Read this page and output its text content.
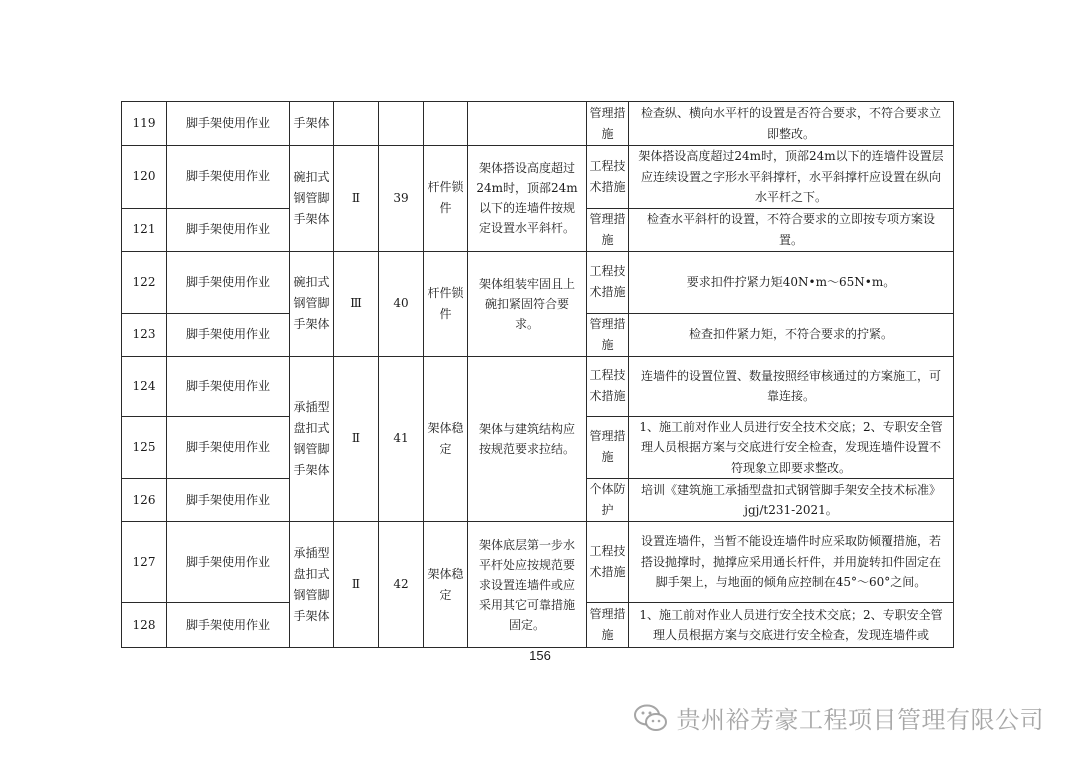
119	脚手架使用作业	手架体					管理措施	检查纵、横向水平杆的设置是否符合要求，不符合要求立即整改。
120	脚手架使用作业	碗扣式钢管脚手架体	Ⅱ	39	杆件锁件	架体搭设高度超过24m时，顶部24m以下的连墙件按规定设置水平斜杆。	工程技术措施	架体搭设高度超过24m时，顶部24m以下的连墙件设置层应连续设置之字形水平斜撑杆，水平斜撑杆应设置在纵向水平杆之下。
121	脚手架使用作业						管理措施	检查水平斜杆的设置，不符合要求的立即按专项方案设置。
122	脚手架使用作业	碗扣式钢管脚手架体	Ⅲ	40	杆件锁件	架体组装牢固且上碗扣紧固符合要求。	工程技术措施	要求扣件拧紧力矩40N•m～65N•m。
123	脚手架使用作业						管理措施	检查扣件紧力矩，不符合要求的拧紧。
124	脚手架使用作业	承插型盘扣式钢管脚手架体	Ⅱ	41	架体稳定	架体与建筑结构应按规范要求拉结。	工程技术措施	连墙件的设置位置、数量按照经审核通过的方案施工，可靠连接。
125	脚手架使用作业						管理措施	1、施工前对作业人员进行安全技术交底；2、专职安全管理人员根据方案与交底进行安全检查，发现连墙件设置不符现象立即要求整改。
126	脚手架使用作业						个体防护	培训《建筑施工承插型盘扣式钢管脚手架安全技术标准》jgj/t231-2021。
127	脚手架使用作业	承插型盘扣式钢管脚手架体	Ⅱ	42	架体稳定	架体底层第一步水平杆处应按规范要求设置连墙件或应采用其它可靠措施固定。	工程技术措施	设置连墙件，当暂不能设连墙件时应采取防倾覆措施，若搭设抛撑时，抛撑应采用通长杆件，并用旋转扣件固定在脚手架上，与地面的倾角应控制在45°～60°之间。
128	脚手架使用作业						管理措施	1、施工前对作业人员进行安全技术交底；2、专职安全管理人员根据方案与交底进行安全检查，发现连墙件或
156
贵州裕芳豪工程项目管理有限公司
